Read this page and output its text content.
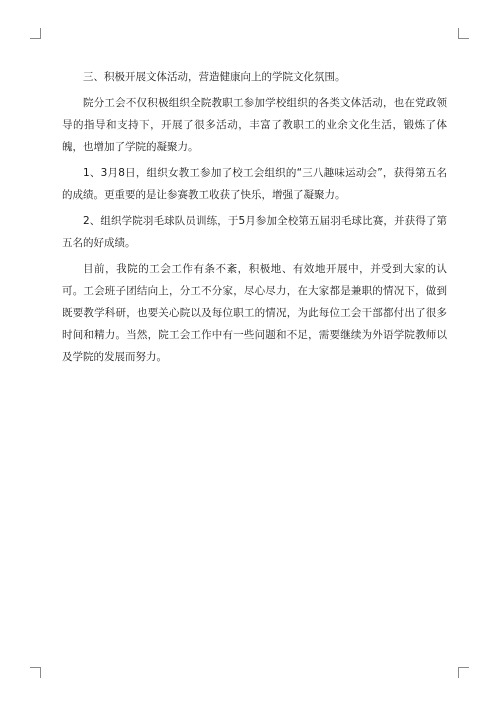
三、积极开展文体活动，营造健康向上的学院文化氛围。

院分工会不仅积极组织全院教职工参加学校组织的各类文体活动，也在党政领导的指导和支持下，开展了很多活动，丰富了教职工的业余文化生活，锻炼了体魄，也增加了学院的凝聚力。

1、3月8日，组织女教工参加了校工会组织的“三八趣味运动会”，获得第五名的成绩。更重要的是让参赛教工收获了快乐，增强了凝聚力。

2、组织学院羽毛球队员训练，于5月参加全校第五届羽毛球比赛，并获得了第五名的好成绩。

目前，我院的工会工作有条不紊，积极地、有效地开展中，并受到大家的认可。工会班子团结向上，分工不分家，尽心尽力，在大家都是兼职的情况下，做到既要教学科研，也要关心院以及每位职工的情况，为此每位工会干部都付出了很多时间和精力。当然，院工会工作中有一些问题和不足，需要继续为外语学院教师以及学院的发展而努力。
